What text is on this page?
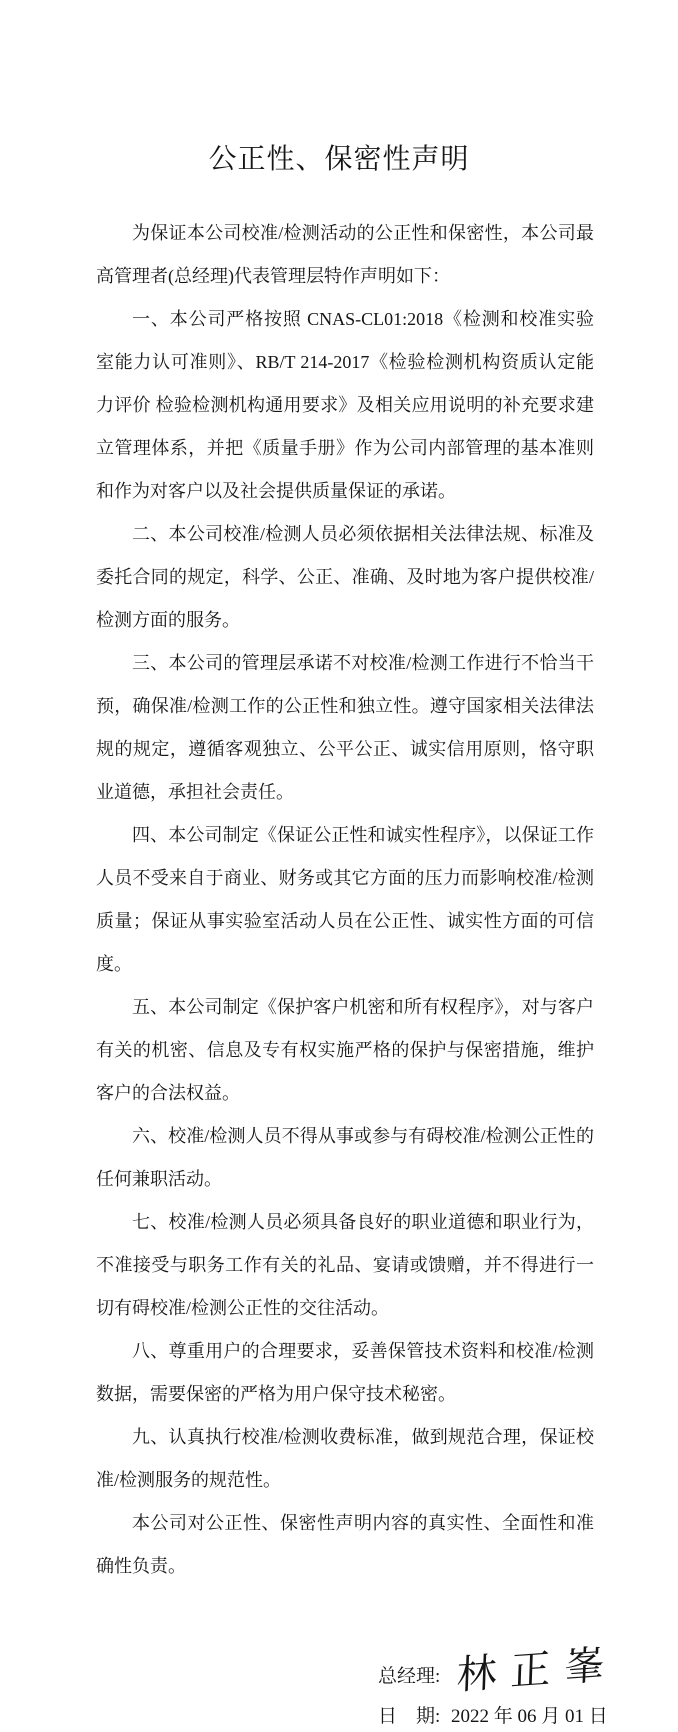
公正性、保密性声明

为保证本公司校准/检测活动的公正性和保密性，本公司最高管理者(总经理)代表管理层特作声明如下：

一、本公司严格按照 CNAS-CL01:2018《检测和校准实验室能力认可准则》、RB/T 214-2017《检验检测机构资质认定能力评价 检验检测机构通用要求》及相关应用说明的补充要求建立管理体系，并把《质量手册》作为公司内部管理的基本准则和作为对客户以及社会提供质量保证的承诺。

二、本公司校准/检测人员必须依据相关法律法规、标准及委托合同的规定，科学、公正、准确、及时地为客户提供校准/检测方面的服务。

三、本公司的管理层承诺不对校准/检测工作进行不恰当干预，确保准/检测工作的公正性和独立性。遵守国家相关法律法规的规定，遵循客观独立、公平公正、诚实信用原则，恪守职业道德，承担社会责任。

四、本公司制定《保证公正性和诚实性程序》，以保证工作人员不受来自于商业、财务或其它方面的压力而影响校准/检测质量；保证从事实验室活动人员在公正性、诚实性方面的可信度。

五、本公司制定《保护客户机密和所有权程序》，对与客户有关的机密、信息及专有权实施严格的保护与保密措施，维护客户的合法权益。

六、校准/检测人员不得从事或参与有碍校准/检测公正性的任何兼职活动。

七、校准/检测人员必须具备良好的职业道德和职业行为，不准接受与职务工作有关的礼品、宴请或馈赠，并不得进行一切有碍校准/检测公正性的交往活动。

八、尊重用户的合理要求，妥善保管技术资料和校准/检测数据，需要保密的严格为用户保守技术秘密。

九、认真执行校准/检测收费标准，做到规范合理，保证校准/检测服务的规范性。

本公司对公正性、保密性声明内容的真实性、全面性和准确性负责。

总经理: 林正峯
日　期: 2022 年 06 月 01 日
